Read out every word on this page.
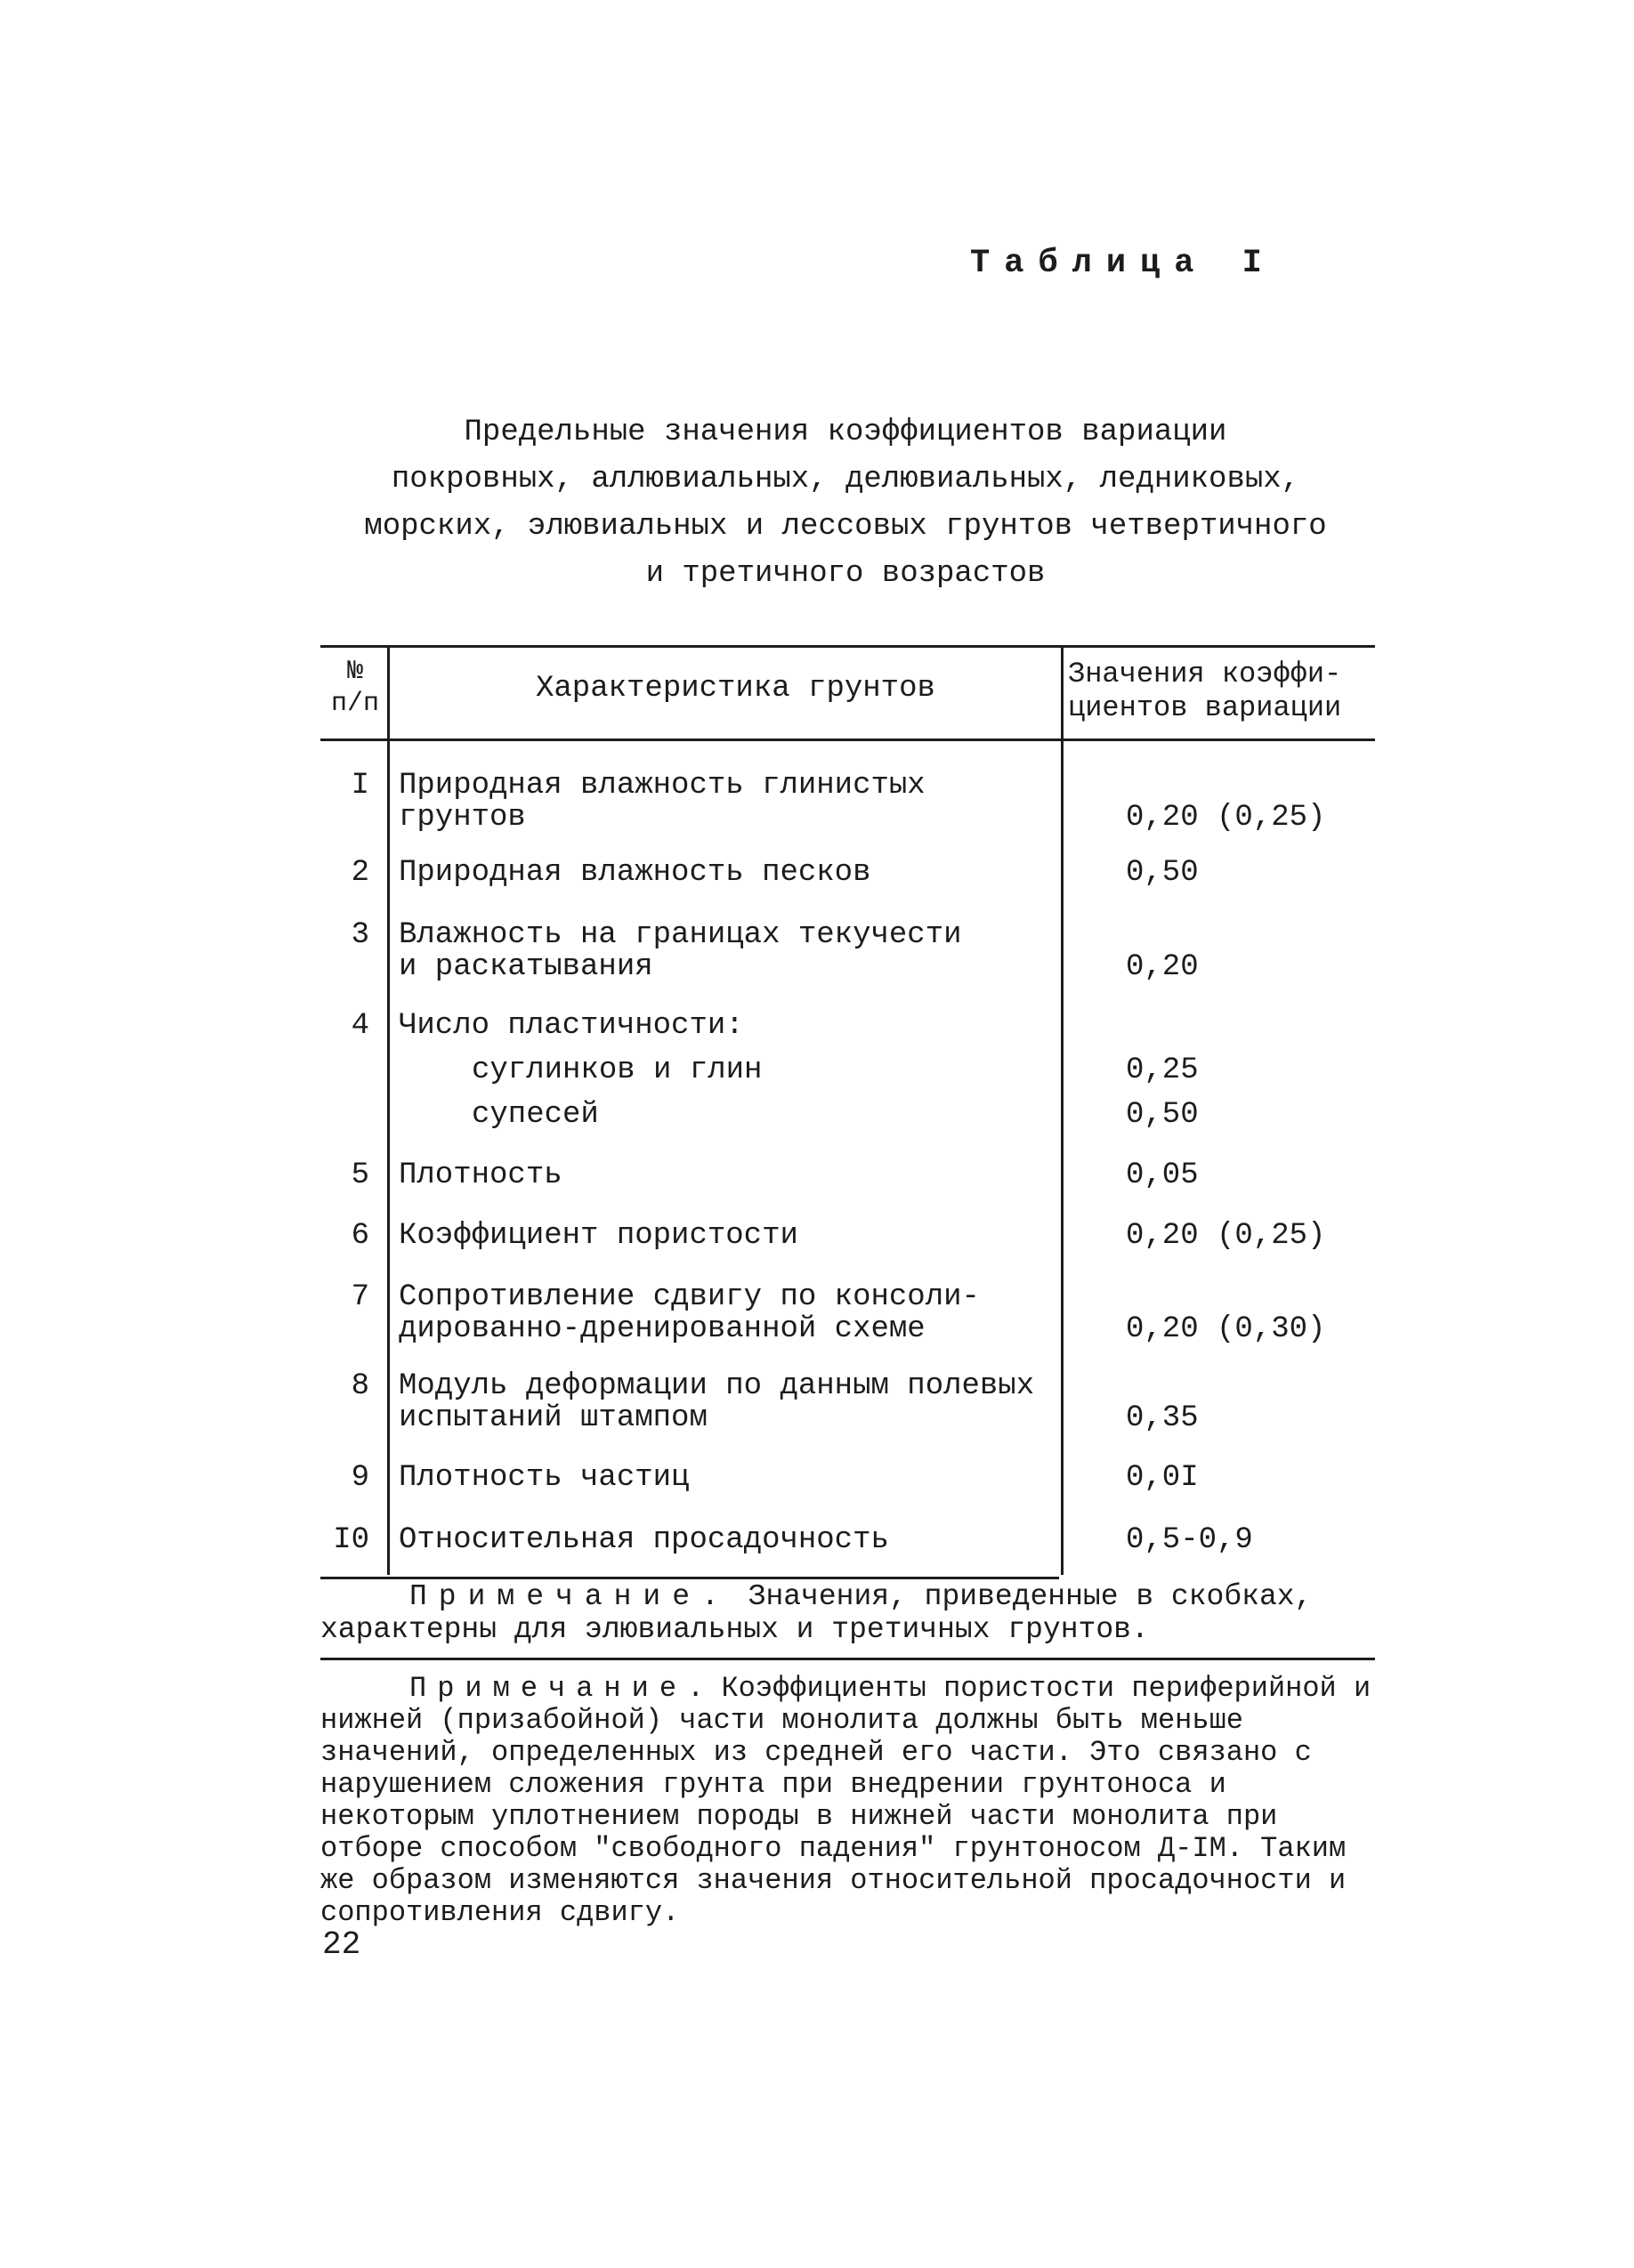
Таблица I
Предельные значения коэффициентов вариации
покровных, аллювиальных, делювиальных, ледниковых,
морских, элювиальных и лессовых грунтов четвертичного
и третичного возрастов
№
п/п	Характеристика грунтов	Значения коэффи-
циентов вариации
I Природная влажность глинистых
грунтов	0,20 (0,25)
2 Природная влажность песков	0,50
3 Влажность на границах текучести
и раскатывания	0,20
4 Число пластичности:
суглинков и глин	0,25
супесей	0,50
5 Плотность	0,05
6 Коэффициент пористости	0,20 (0,25)
7 Сопротивление сдвигу по консоли-
дированно-дренированной схеме	0,20 (0,30)
8 Модуль деформации по данным полевых
испытаний штампом	0,35
9 Плотность частиц	0,0I
I0 Относительная просадочность	0,5-0,9
Примечание. Значения, приведенные в скобках, характерны для элювиальных и третичных грунтов.
Примечание. Коэффициенты пористости периферийной и нижней (призабойной) части монолита должны быть меньше значений, определенных из средней его части. Это связано с нарушением сложения грунта при внедрении грунтоноса и некоторым уплотнением породы в нижней части монолита при отборе способом "свободного падения" грунтоносом Д-IМ. Таким же образом изменяются значения относительной просадочности и сопротивления сдвигу.
22
